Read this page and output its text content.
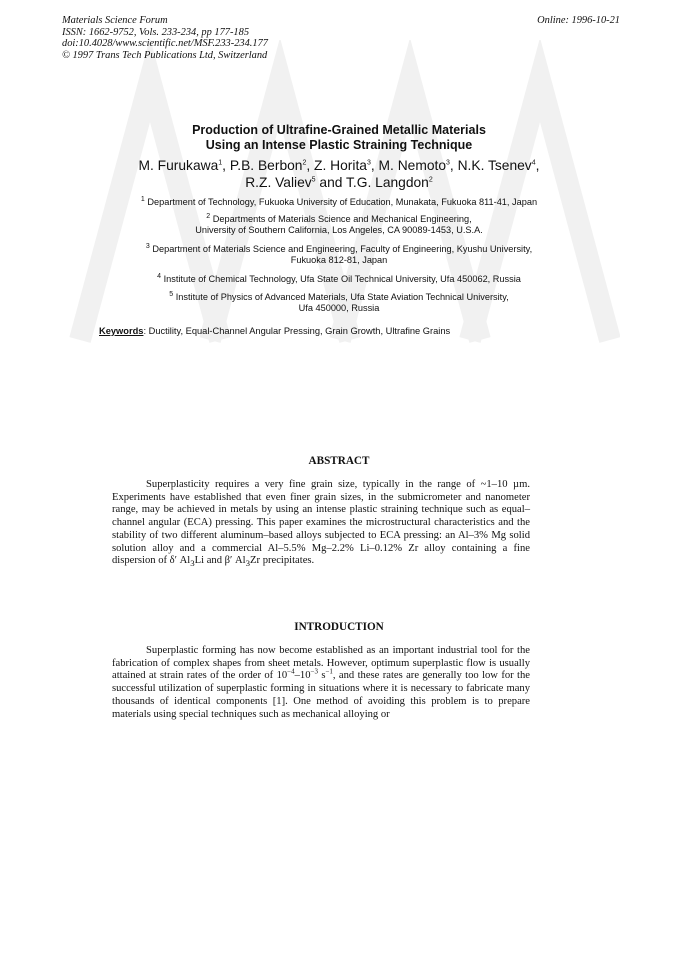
Materials Science Forum
ISSN: 1662-9752, Vols. 233-234, pp 177-185
doi:10.4028/www.scientific.net/MSF.233-234.177
© 1997 Trans Tech Publications Ltd, Switzerland
Online: 1996-10-21
Production of Ultrafine-Grained Metallic Materials
Using an Intense Plastic Straining Technique
M. Furukawa$^1$, P.B. Berbon$^2$, Z. Horita$^3$, M. Nemoto$^3$, N.K. Tsenev$^4$,
R.Z. Valiev$^5$ and T.G. Langdon$^2$
$^1$ Department of Technology, Fukuoka University of Education, Munakata, Fukuoka 811-41, Japan
$^2$ Departments of Materials Science and Mechanical Engineering,
University of Southern California, Los Angeles, CA 90089-1453, U.S.A.
$^3$ Department of Materials Science and Engineering, Faculty of Engineering, Kyushu University,
Fukuoka 812-81, Japan
$^4$ Institute of Chemical Technology, Ufa State Oil Technical University, Ufa 450062, Russia
$^5$ Institute of Physics of Advanced Materials, Ufa State Aviation Technical University,
Ufa 450000, Russia
Keywords: Ductility, Equal-Channel Angular Pressing, Grain Growth, Ultrafine Grains
ABSTRACT
Superplasticity requires a very fine grain size, typically in the range of ~1–10 µm. Experiments have established that even finer grain sizes, in the submicrometer and nanometer range, may be achieved in metals by using an intense plastic straining technique such as equal–channel angular (ECA) pressing. This paper examines the microstructural characteristics and the stability of two different aluminum–based alloys subjected to ECA pressing: an Al–3% Mg solid solution alloy and a commercial Al–5.5% Mg–2.2% Li–0.12% Zr alloy containing a fine dispersion of δ′ $Al_3Li$ and β′ $Al_3Zr$ precipitates.
INTRODUCTION
Superplastic forming has now become established as an important industrial tool for the fabrication of complex shapes from sheet metals. However, optimum superplastic flow is usually attained at strain rates of the order of $10^{-4}-10^{-3}$ $s^{-1}$, and these rates are generally too low for the successful utilization of superplastic forming in situations where it is necessary to fabricate many thousands of identical components [1]. One method of avoiding this problem is to prepare materials using special techniques such as mechanical alloying or
